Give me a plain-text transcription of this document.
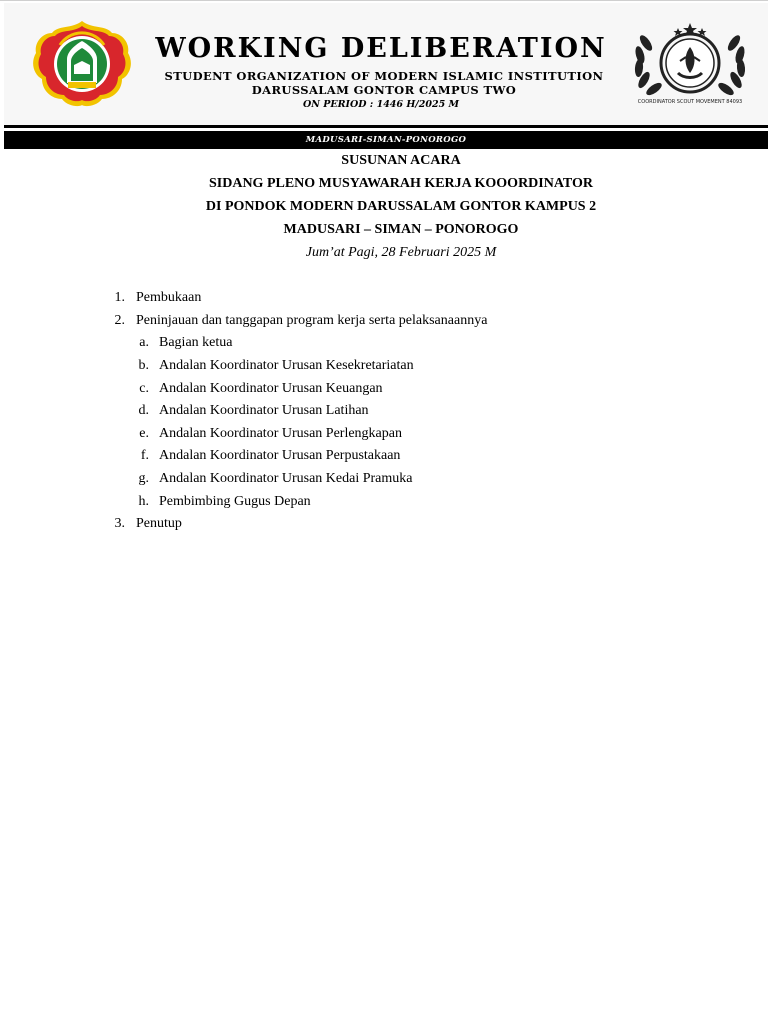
WORKING DELIBERATION
STUDENT ORGANIZATION OF MODERN ISLAMIC INSTITUTION
DARUSSALAM GONTOR CAMPUS TWO
ON PERIOD : 1446 H/2025 M	COORDINATOR SCOUT MOVEMENT 84093
MADUSARI-SIMAN-PONOROGO
SUSUNAN ACARA
SIDANG PLENO MUSYAWARAH KERJA KOOORDINATOR
DI PONDOK MODERN DARUSSALAM GONTOR KAMPUS 2
MADUSARI – SIMAN – PONOROGO
Jum’at Pagi, 28 Februari 2025 M
1. Pembukaan
2. Peninjauan dan tanggapan program kerja serta pelaksanaannya
a. Bagian ketua
b. Andalan Koordinator Urusan Kesekretariatan
c. Andalan Koordinator Urusan Keuangan
d. Andalan Koordinator Urusan Latihan
e. Andalan Koordinator Urusan Perlengkapan
f. Andalan Koordinator Urusan Perpustakaan
g. Andalan Koordinator Urusan Kedai Pramuka
h. Pembimbing Gugus Depan
3. Penutup
